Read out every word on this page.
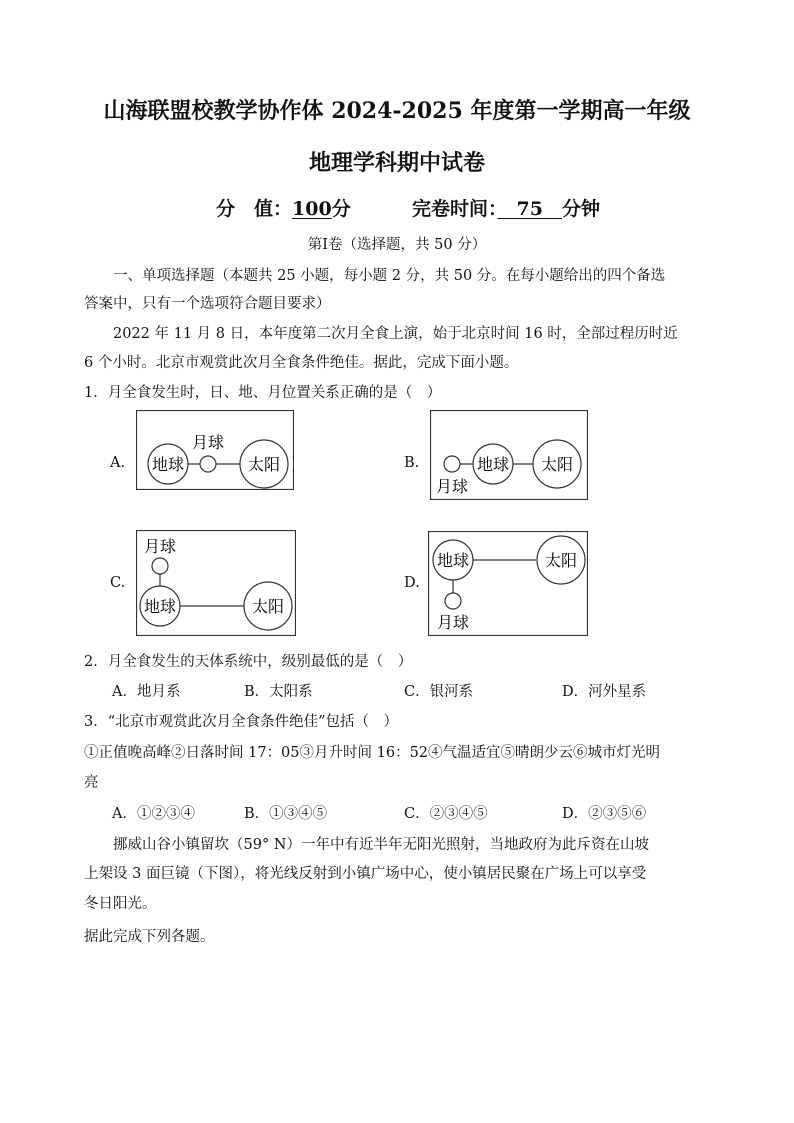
山海联盟校教学协作体 2024-2025 年度第一学期高一年级
地理学科期中试卷
分　值：100分	完卷时间：　75　分钟
第Ⅰ卷（选择题，共 50 分）
一、单项选择题（本题共 25 小题，每小题 2 分，共 50 分。在每小题给出的四个备选
答案中，只有一个选项符合题目要求）
2022 年 11 月 8 日，本年度第二次月全食上演，始于北京时间 16 时，全部过程历时近
6 个小时。北京市观赏此次月全食条件绝佳。据此，完成下面小题。
1．月全食发生时，日、地、月位置关系正确的是（　）
A. 地球
月球
太阳	B.
月球
地球 太阳
C.
月球
地球	太阳
D.
地球
月球
太阳
2．月全食发生的天体系统中，级别最低的是（　）
A．地月系	B．太阳系	C．银河系	D．河外星系
3．“北京市观赏此次月全食条件绝佳”包括（　）
①正值晚高峰②日落时间 17：05③月升时间 16：52④气温适宜⑤晴朗少云⑥城市灯光明
亮
A．①②③④	B．①③④⑤	C．②③④⑤	D．②③⑤⑥
挪威山谷小镇留坎（59° N）一年中有近半年无阳光照射，当地政府为此斥资在山坡
上架设 3 面巨镜（下图），将光线反射到小镇广场中心，使小镇居民聚在广场上可以享受
冬日阳光。
据此完成下列各题。
